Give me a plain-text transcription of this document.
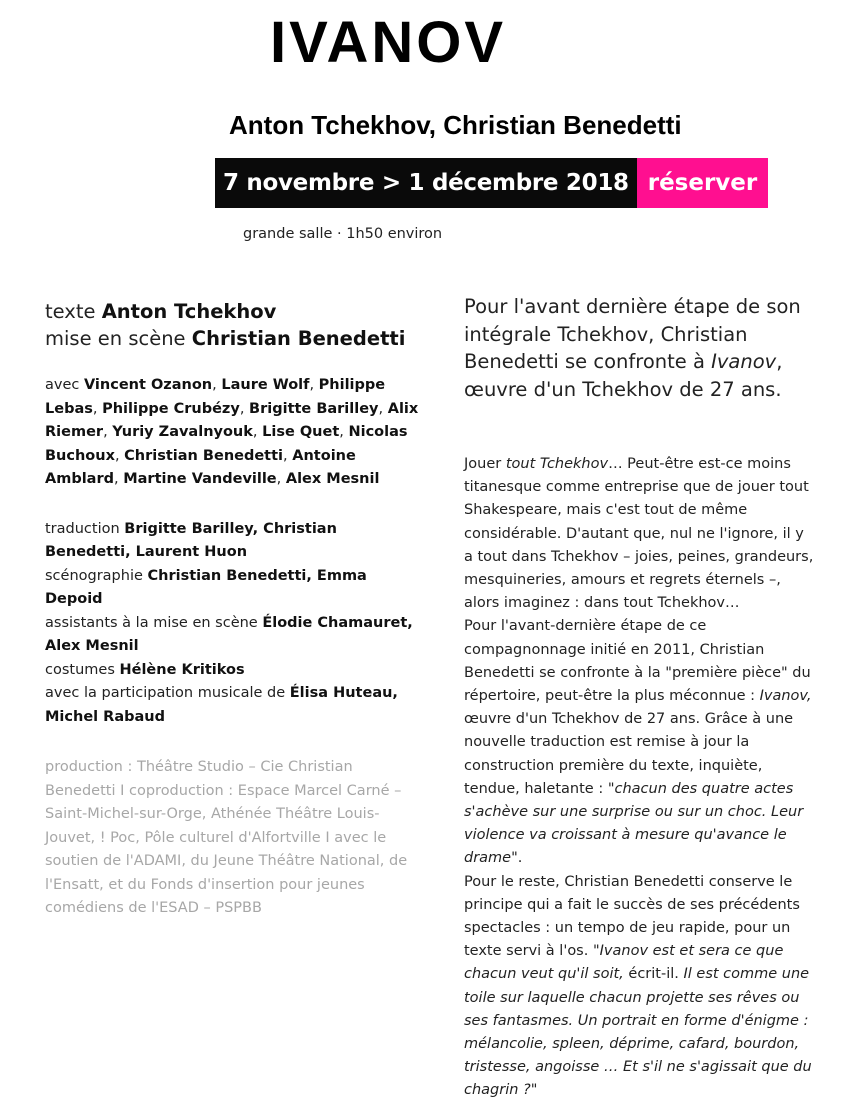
IVANOV
Anton Tchekhov, Christian Benedetti
7 novembre > 1 décembre 2018 réserver
grande salle · 1h50 environ

texte Anton Tchekhov

mise en scène Christian Benedetti

avec Vincent Ozanon, Laure Wolf, Philippe Lebas, Philippe Crubézy, Brigitte Barilley, Alix Riemer, Yuriy Zavalnyouk, Lise Quet, Nicolas Buchoux, Christian Benedetti, Antoine Amblard, Martine Vandeville, Alex Mesnil

traduction Brigitte Barilley, Christian Benedetti, Laurent Huon

scénographie Christian Benedetti, Emma Depoid

assistants à la mise en scène Élodie Chamauret, Alex Mesnil

costumes Hélène Kritikos

avec la participation musicale de Élisa Huteau, Michel Rabaud

production : Théâtre Studio – Cie Christian Benedetti I coproduction : Espace Marcel Carné – Saint-Michel-sur-Orge, Athénée Théâtre Louis-Jouvet, ! Poc, Pôle culturel d'Alfortville I avec le soutien de l'ADAMI, du Jeune Théâtre National, de l'Ensatt, et du Fonds d'insertion pour jeunes comédiens de l'ESAD – PSPBB

Pour l'avant dernière étape de son intégrale Tchekhov, Christian Benedetti se confronte à Ivanov, œuvre d'un Tchekhov de 27 ans.

Jouer tout Tchekhov… Peut-être est-ce moins titanesque comme entreprise que de jouer tout Shakespeare, mais c'est tout de même considérable. D'autant que, nul ne l'ignore, il y a tout dans Tchekhov – joies, peines, grandeurs, mesquineries, amours et regrets éternels –, alors imaginez : dans tout Tchekhov…

Pour l'avant-dernière étape de ce compagnonnage initié en 2011, Christian Benedetti se confronte à la "première pièce" du répertoire, peut-être la plus méconnue : Ivanov, œuvre d'un Tchekhov de 27 ans. Grâce à une nouvelle traduction est remise à jour la construction première du texte, inquiète, tendue, haletante : "chacun des quatre actes s'achève sur une surprise ou sur un choc. Leur violence va croissant à mesure qu'avance le drame".

Pour le reste, Christian Benedetti conserve le principe qui a fait le succès de ses précédents spectacles : un tempo de jeu rapide, pour un texte servi à l'os. "Ivanov est et sera ce que chacun veut qu'il soit, écrit-il. Il est comme une toile sur laquelle chacun projette ses rêves ou ses fantasmes. Un portrait en forme d'énigme : mélancolie, spleen, déprime, cafard, bourdon, tristesse, angoisse … Et s'il ne s'agissait que du chagrin ?"
